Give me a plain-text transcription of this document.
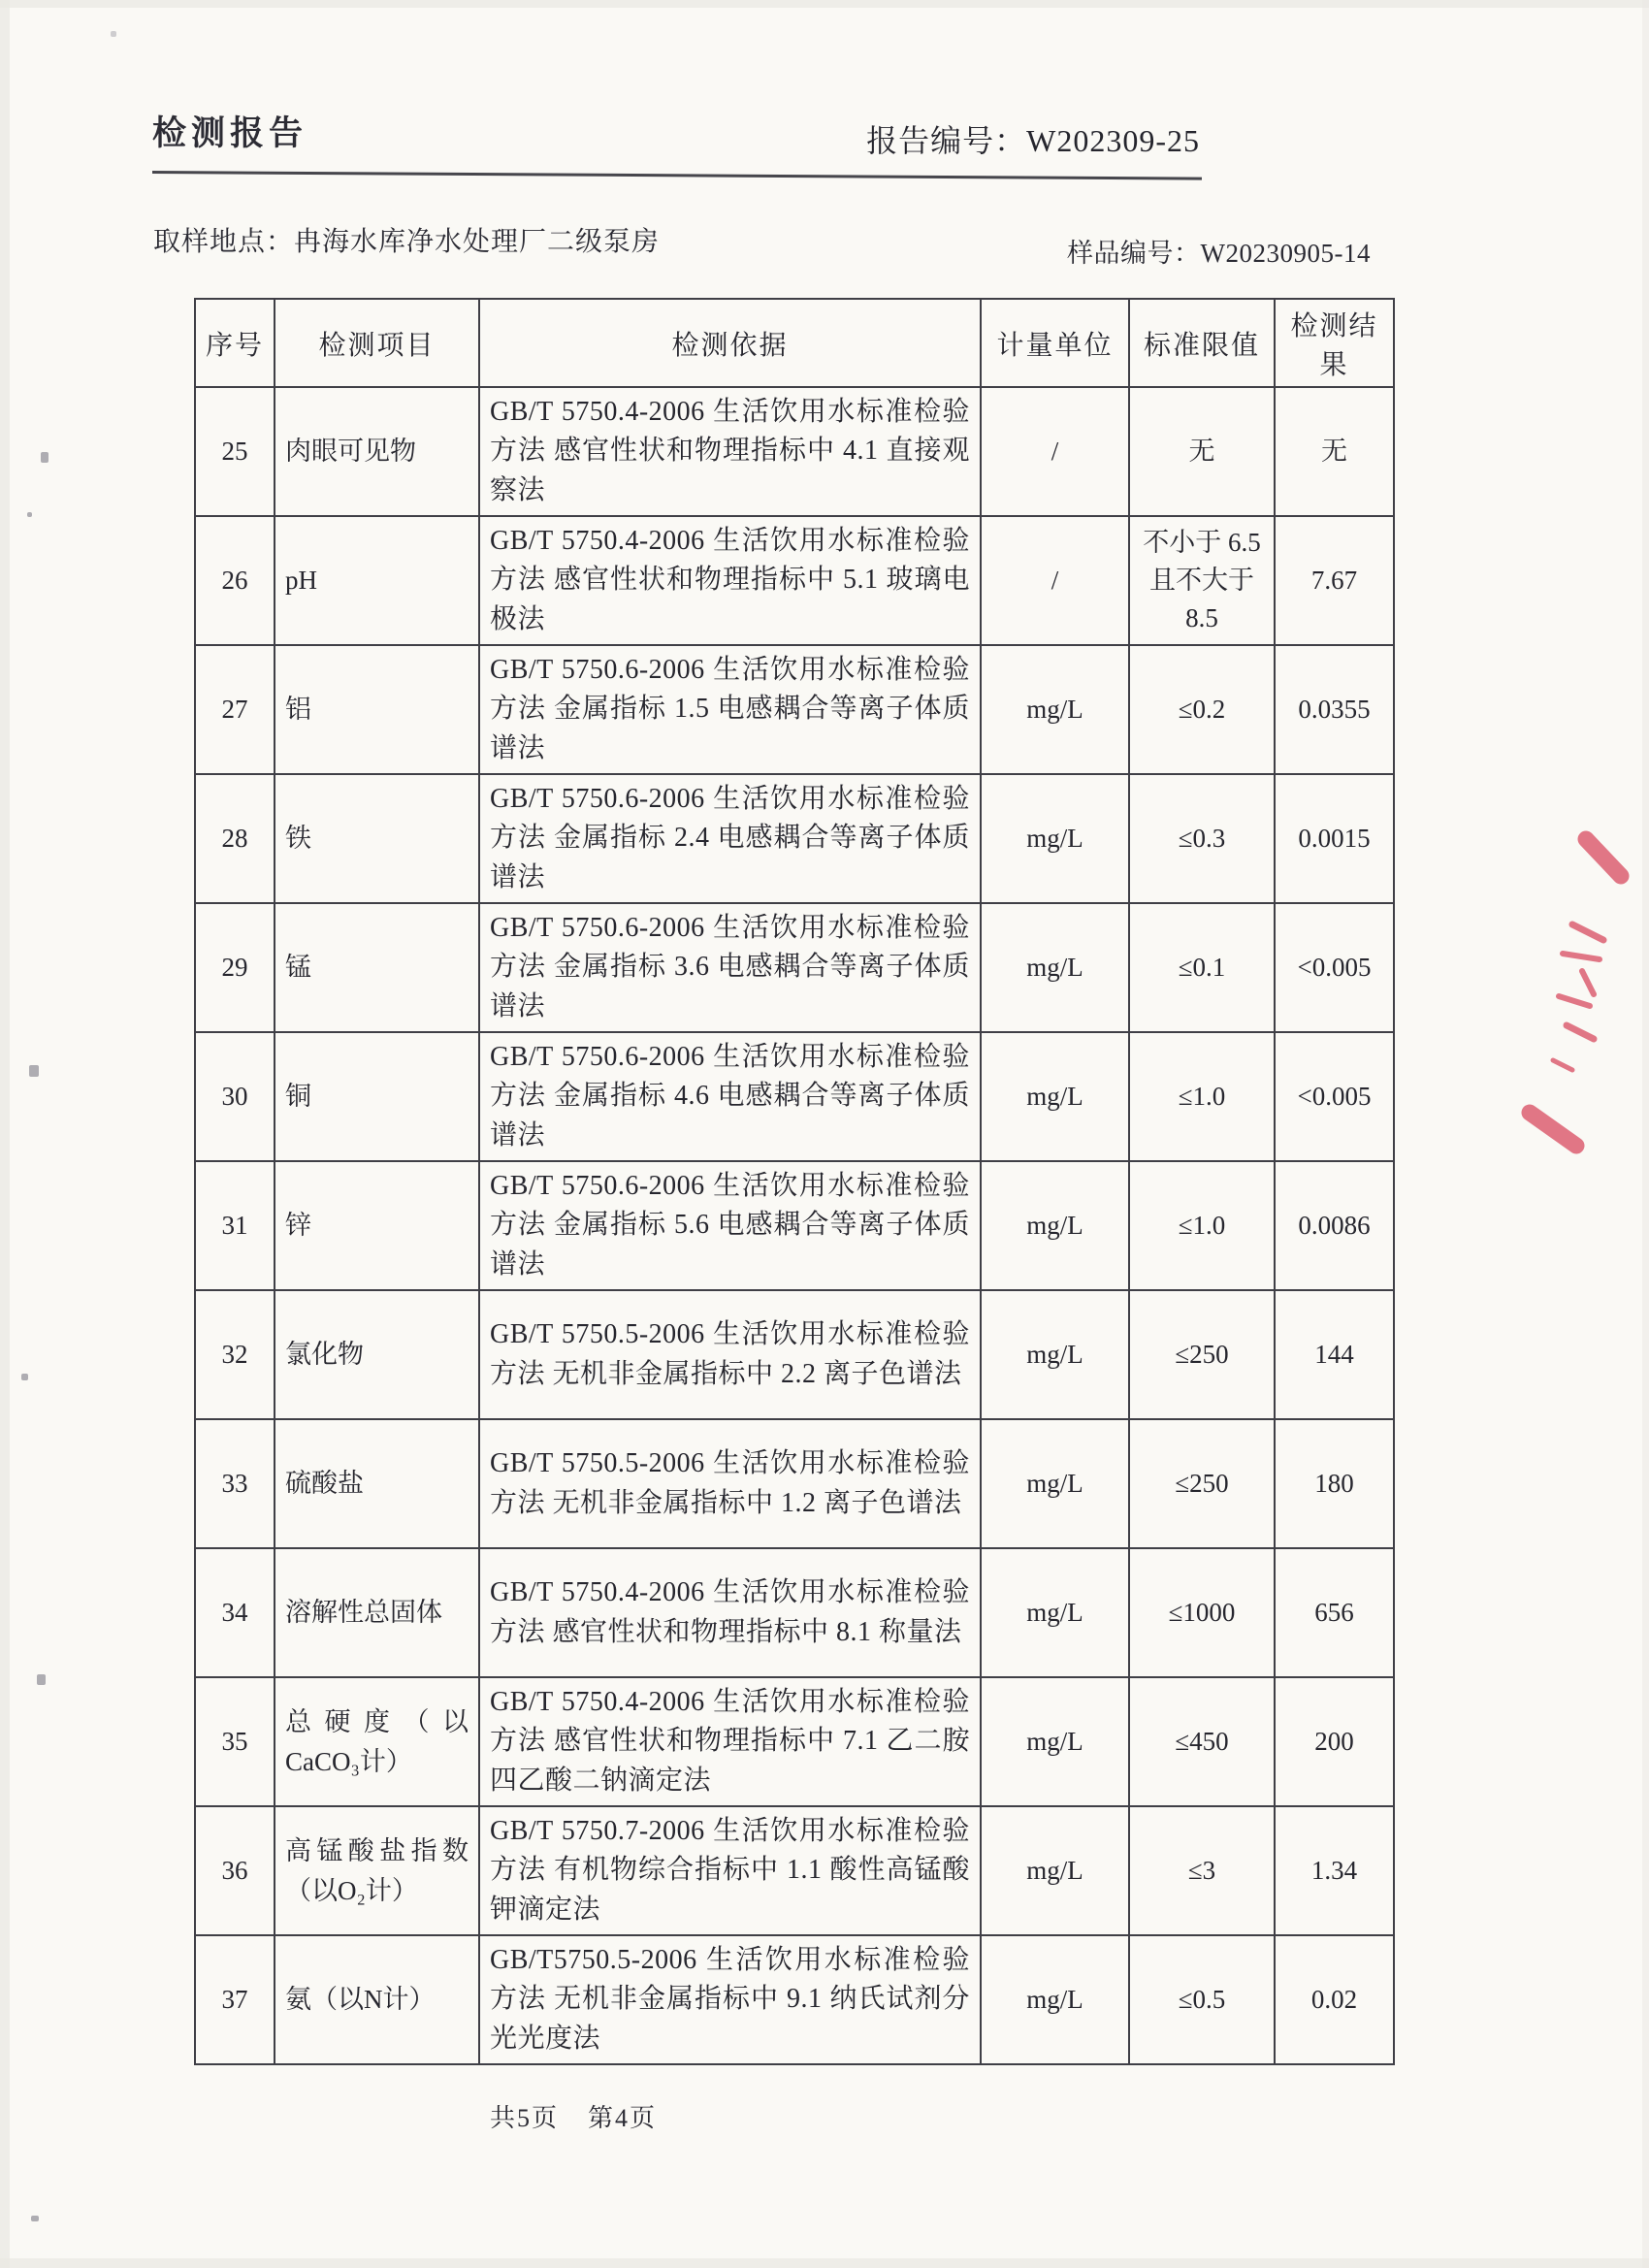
检测报告	报告编号：W202309-25
取样地点：冉海水库净水处理厂二级泵房	样品编号：W20230905-14
序号	检测项目	检测依据	计量单位	标准限值	检测结果
25	肉眼可见物	GB/T 5750.4-2006 生活饮用水标准检验方法 感官性状和物理指标中 4.1 直接观察法	/	无	无
26	pH	GB/T 5750.4-2006 生活饮用水标准检验方法 感官性状和物理指标中 5.1 玻璃电极法	/	不小于 6.5 且不大于 8.5	7.67
27	铝	GB/T 5750.6-2006 生活饮用水标准检验方法 金属指标 1.5 电感耦合等离子体质谱法	mg/L	≤0.2	0.0355
28	铁	GB/T 5750.6-2006 生活饮用水标准检验方法 金属指标 2.4 电感耦合等离子体质谱法	mg/L	≤0.3	0.0015
29	锰	GB/T 5750.6-2006 生活饮用水标准检验方法 金属指标 3.6 电感耦合等离子体质谱法	mg/L	≤0.1	<0.005
30	铜	GB/T 5750.6-2006 生活饮用水标准检验方法 金属指标 4.6 电感耦合等离子体质谱法	mg/L	≤1.0	<0.005
31	锌	GB/T 5750.6-2006 生活饮用水标准检验方法 金属指标 5.6 电感耦合等离子体质谱法	mg/L	≤1.0	0.0086
32	氯化物	GB/T 5750.5-2006 生活饮用水标准检验方法 无机非金属指标中 2.2 离子色谱法	mg/L	≤250	144
33	硫酸盐	GB/T 5750.5-2006 生活饮用水标准检验方法 无机非金属指标中 1.2 离子色谱法	mg/L	≤250	180
34	溶解性总固体	GB/T 5750.4-2006 生活饮用水标准检验方法 感官性状和物理指标中 8.1 称量法	mg/L	≤1000	656
35	总硬度（以CaCO₃计）	GB/T 5750.4-2006 生活饮用水标准检验方法 感官性状和物理指标中 7.1 乙二胺四乙酸二钠滴定法	mg/L	≤450	200
36	高锰酸盐指数（以O₂计）	GB/T 5750.7-2006 生活饮用水标准检验方法 有机物综合指标中 1.1 酸性高锰酸钾滴定法	mg/L	≤3	1.34
37	氨（以N计）	GB/T5750.5-2006 生活饮用水标准检验方法 无机非金属指标中 9.1 纳氏试剂分光光度法	mg/L	≤0.5	0.02
共5页 第4页
